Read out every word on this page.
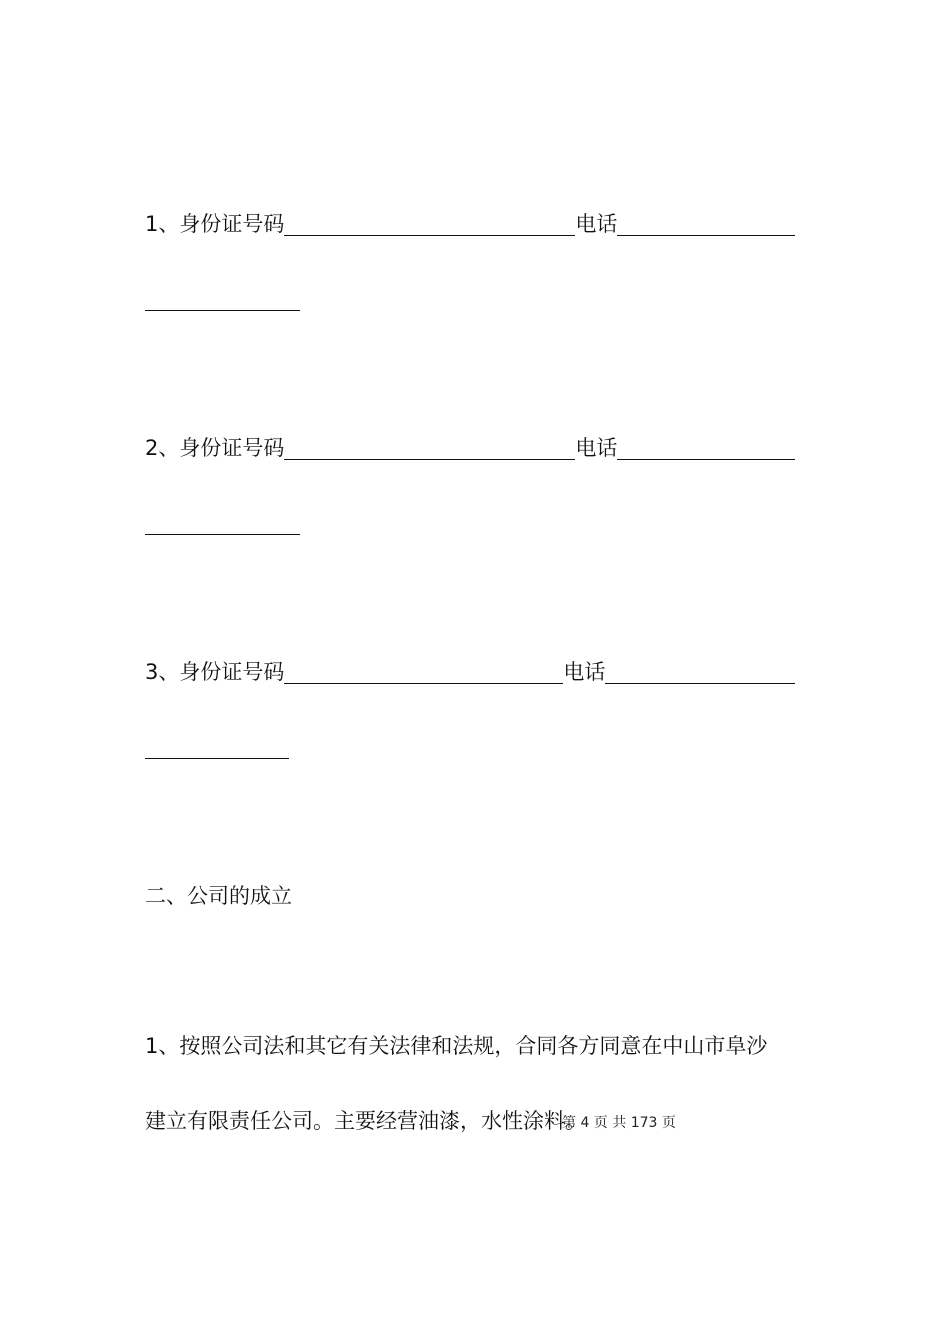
1、身份证号码	电话
2、身份证号码	电话
3、身份证号码	电话
二、公司的成立
1、按照公司法和其它有关法律和法规，合同各方同意在中山市阜沙
建立有限责任公司。主要经营油漆，水性涂料。
第 4 页 共 173 页
